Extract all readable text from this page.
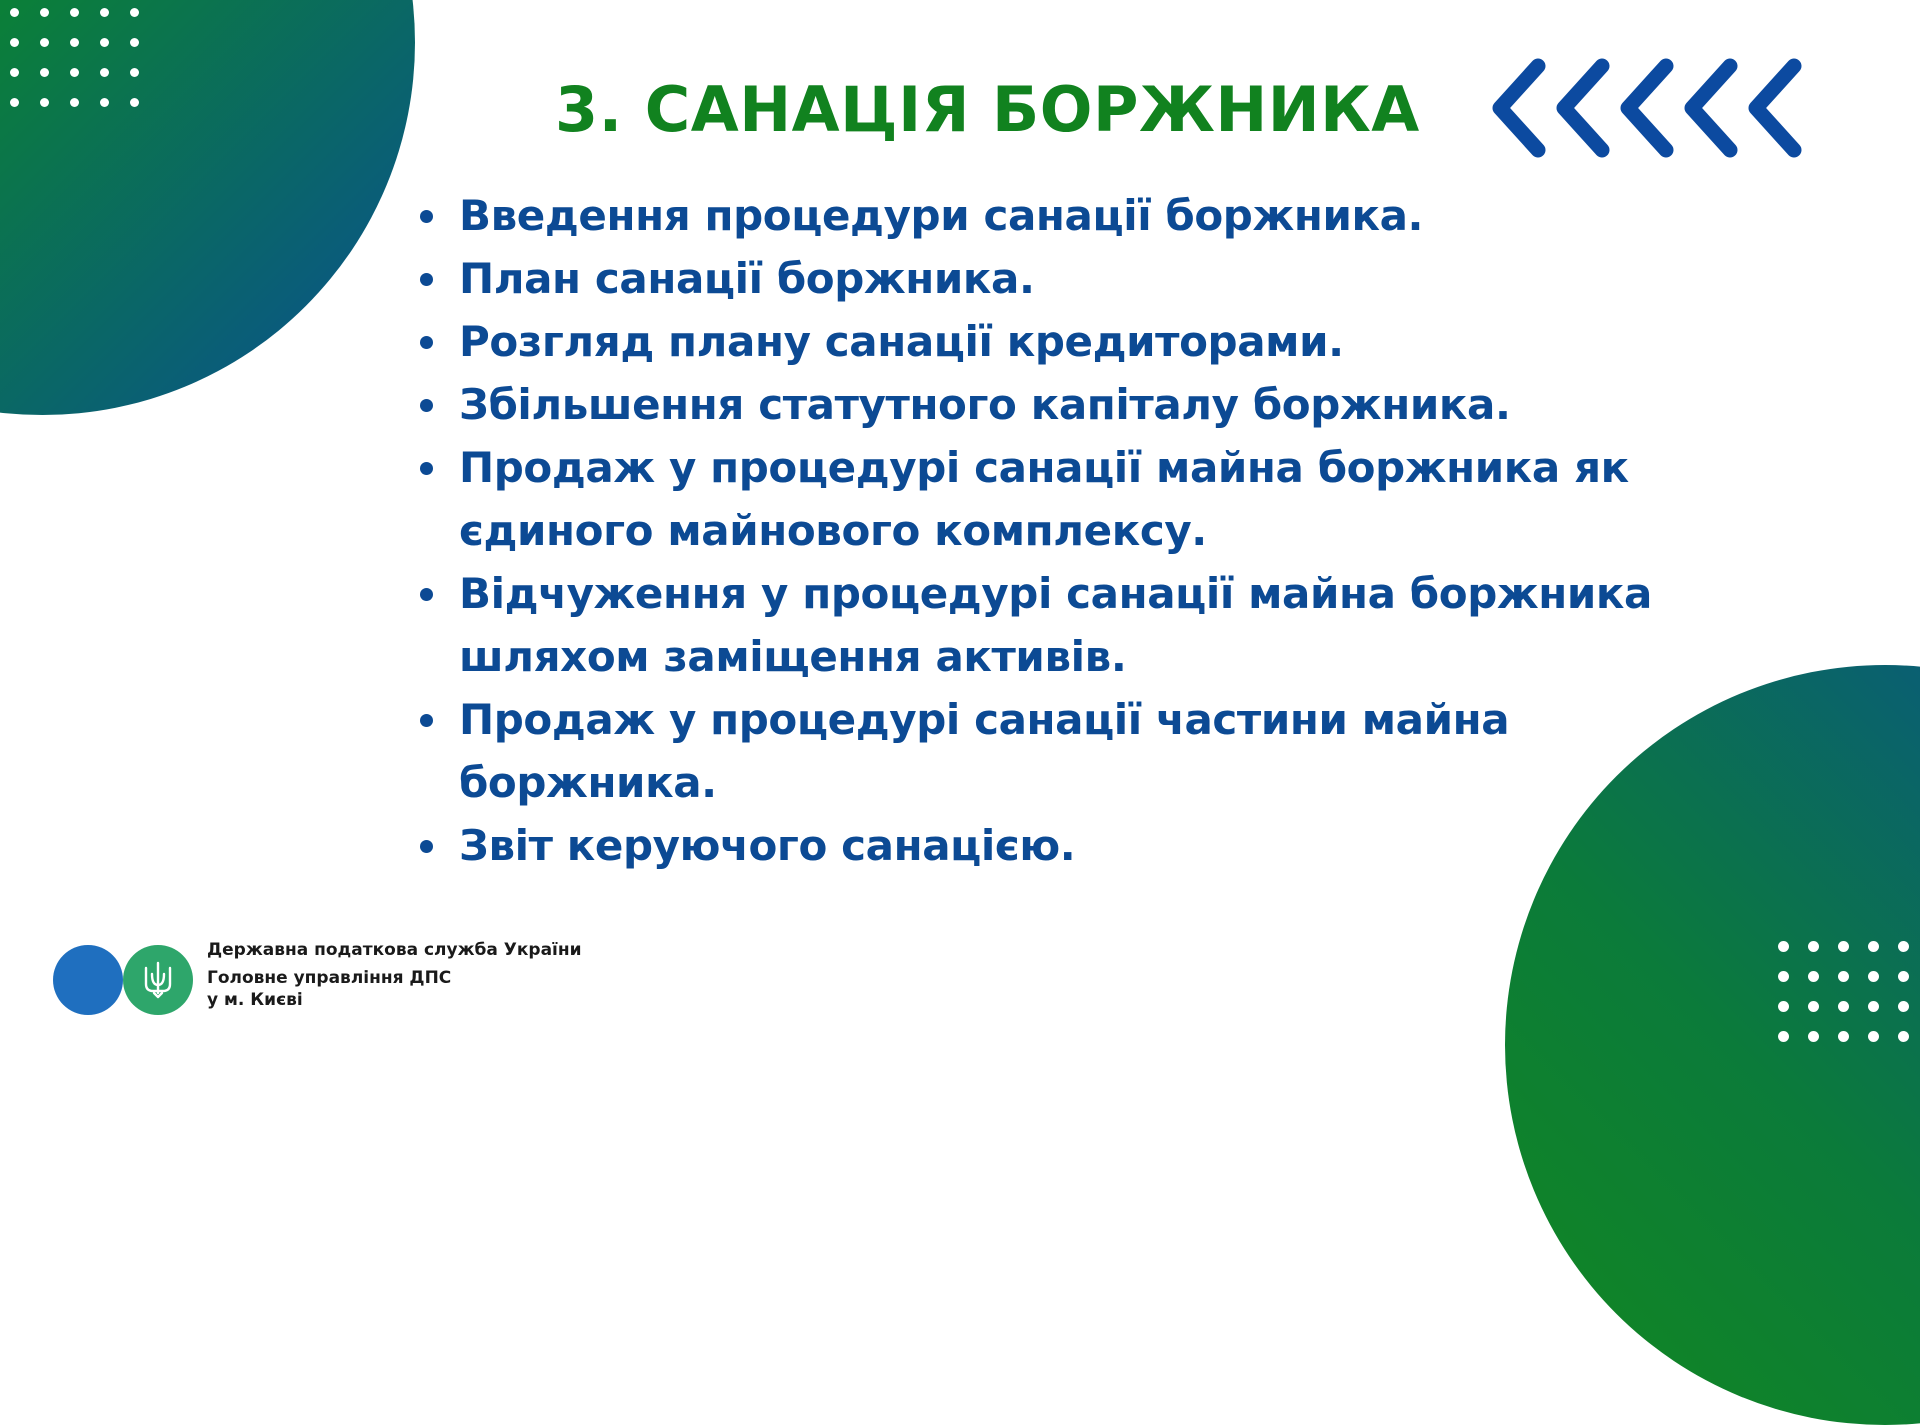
3. САНАЦІЯ БОРЖНИКА
Введення процедури санації боржника.
План санації боржника.
Розгляд плану санації кредиторами.
Збільшення статутного капіталу боржника.
Продаж у процедурі санації майна боржника як єдиного майнового комплексу.
Відчуження у процедурі санації майна боржника шляхом заміщення активів.
Продаж у процедурі санації частини майна боржника.
Звіт керуючого санацією.
Державна податкова служба України
Головне управління ДПС
у м. Києві
